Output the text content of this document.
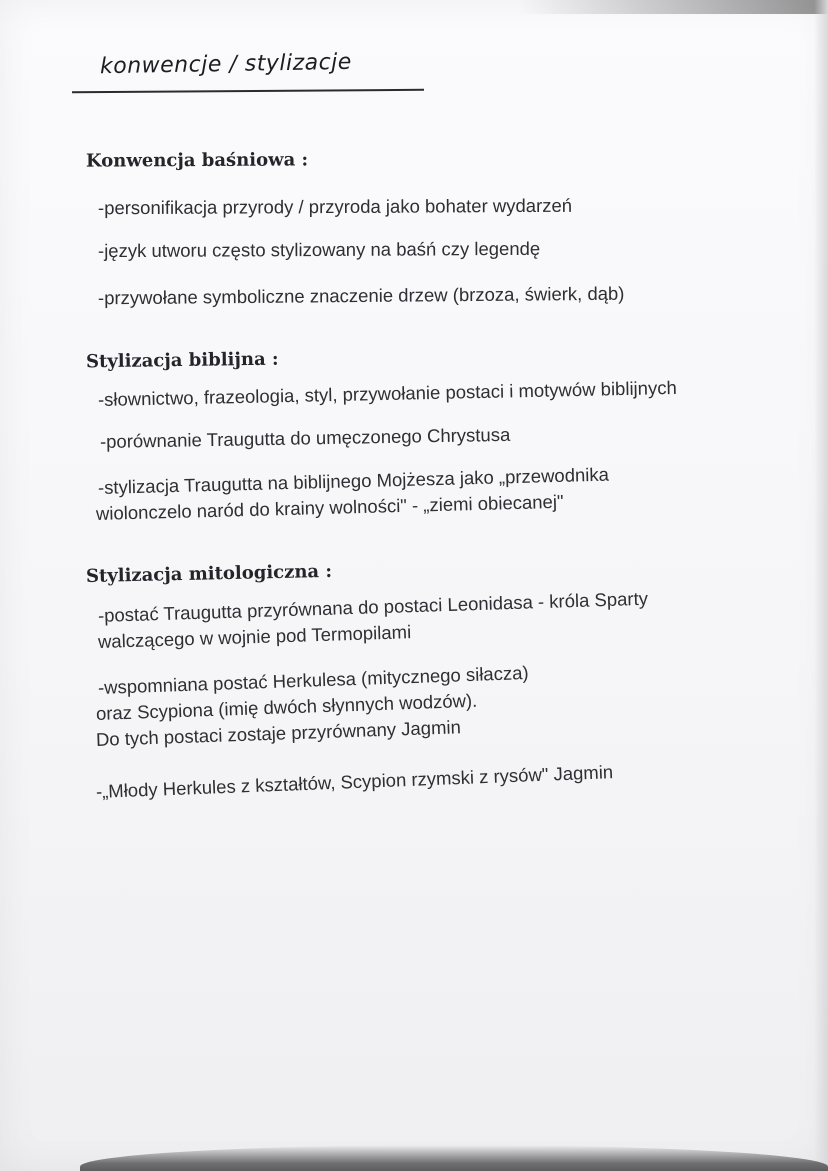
konwencje / stylizacje
Konwencja baśniowa :
-personifikacja przyrody / przyroda jako bohater wydarzeń
-język utworu często stylizowany na baśń czy legendę
-przywołane symboliczne znaczenie drzew (brzoza, świerk, dąb)
Stylizacja biblijna :
-słownictwo, frazeologia, styl, przywołanie postaci i motywów biblijnych
-porównanie Traugutta do umęczonego Chrystusa
-stylizacja Traugutta na biblijnego Mojżesza jako „przewodnika
wiolonczelo naród do krainy wolności" - „ziemi obiecanej"
Stylizacja mitologiczna :
-postać Traugutta przyrównana do postaci Leonidasa - króla Sparty
walczącego w wojnie pod Termopilami
-wspomniana postać Herkulesa (mitycznego siłacza)
oraz Scypiona (imię dwóch słynnych wodzów).
Do tych postaci zostaje przyrównany Jagmin
-„Młody Herkules z kształtów, Scypion rzymski z rysów" Jagmin
